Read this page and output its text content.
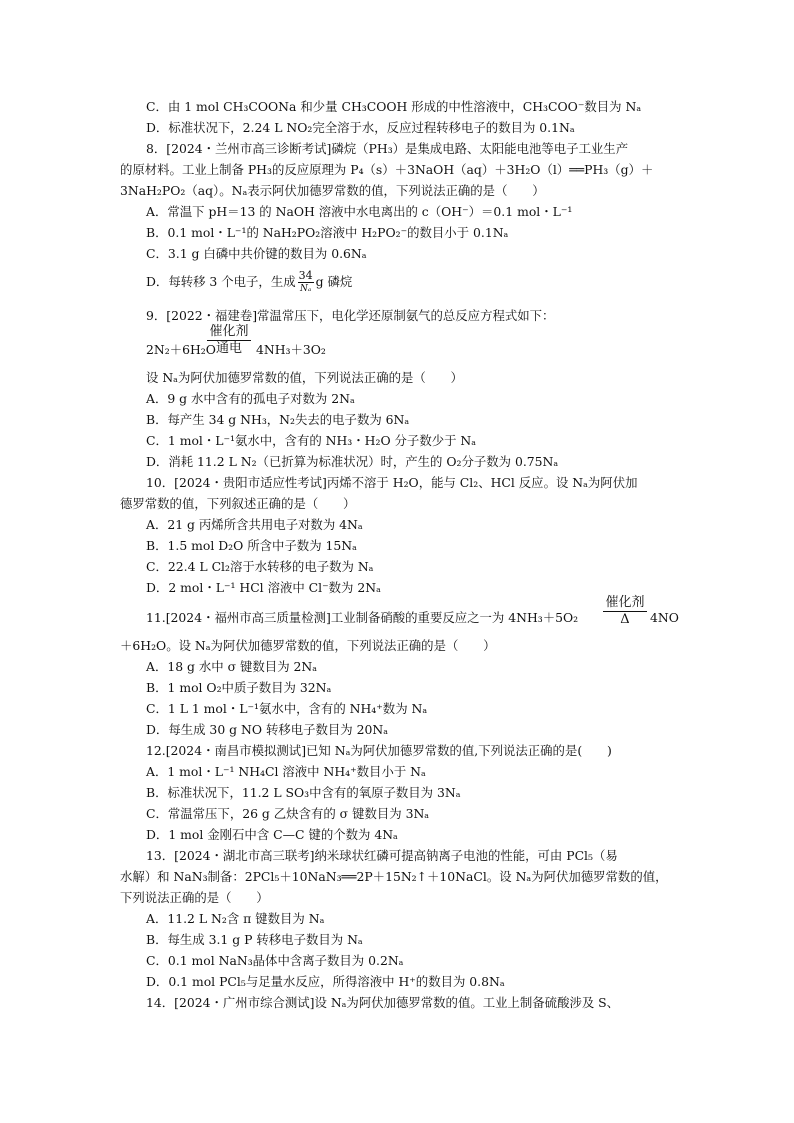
C．由 1 mol CH₃COONa 和少量 CH₃COOH 形成的中性溶液中，CH₃COO⁻数目为 Nₐ
D．标准状况下，2.24 L NO₂完全溶于水，反应过程转移电子的数目为 0.1Nₐ
8．[2024・兰州市高三诊断考试]磷烷（PH₃）是集成电路、太阳能电池等电子工业生产
的原材料。工业上制备 PH₃的反应原理为 P₄（s）＋3NaOH（aq）＋3H₂O（l）══PH₃（g）＋
3NaH₂PO₂（aq）。Nₐ表示阿伏加德罗常数的值，下列说法正确的是（　　）
A．常温下 pH＝13 的 NaOH 溶液中水电离出的 c（OH⁻）＝0.1 mol・L⁻¹
B．0.1 mol・L⁻¹的 NaH₂PO₂溶液中 H₂PO₂⁻的数目小于 0.1Nₐ
C．3.1 g 白磷中共价键的数目为 0.6Nₐ
D．每转移 3 个电子，生成 34
Nₐ g 磷烷
9．[2022・福建卷]常温常压下，电化学还原制氨气的总反应方程式如下：
2N₂＋6H₂O
催化剂
通电	4NH₃＋3O₂
设 Nₐ为阿伏加德罗常数的值，下列说法正确的是（　　）
A．9 g 水中含有的孤电子对数为 2Nₐ
B．每产生 34 g NH₃，N₂失去的电子数为 6Nₐ
C．1 mol・L⁻¹氨水中，含有的 NH₃・H₂O 分子数少于 Nₐ
D．消耗 11.2 L N₂（已折算为标准状况）时，产生的 O₂分子数为 0.75Nₐ
10．[2024・贵阳市适应性考试]丙烯不溶于 H₂O，能与 Cl₂、HCl 反应。设 Nₐ为阿伏加
德罗常数的值，下列叙述正确的是（　　）
A．21 g 丙烯所含共用电子对数为 4Nₐ
B．1.5 mol D₂O 所含中子数为 15Nₐ
C．22.4 L Cl₂溶于水转移的电子数为 Nₐ
D．2 mol・L⁻¹ HCl 溶液中 Cl⁻数为 2Nₐ
11.[2024・福州市高三质量检测]工业制备硝酸的重要反应之一为 4NH₃＋5O₂
催化剂
Δ	4NO
＋6H₂O。设 Nₐ为阿伏加德罗常数的值，下列说法正确的是（　　）
A．18 g 水中 σ 键数目为 2Nₐ
B．1 mol O₂中质子数目为 32Nₐ
C．1 L 1 mol・L⁻¹氨水中，含有的 NH₄⁺数为 Nₐ
D．每生成 30 g NO 转移电子数目为 20Nₐ
12.[2024・南昌市模拟测试]已知 Nₐ为阿伏加德罗常数的值,下列说法正确的是(　　)
A．1 mol・L⁻¹ NH₄Cl 溶液中 NH₄⁺数目小于 Nₐ
B．标准状况下，11.2 L SO₃中含有的氧原子数目为 3Nₐ
C．常温常压下，26 g 乙炔含有的 σ 键数目为 3Nₐ
D．1 mol 金刚石中含 C—C 键的个数为 4Nₐ
13．[2024・湖北市高三联考]纳米球状红磷可提高钠离子电池的性能，可由 PCl₅（易
水解）和 NaN₃制备：2PCl₅＋10NaN₃══2P＋15N₂↑＋10NaCl。设 Nₐ为阿伏加德罗常数的值，
下列说法正确的是（　　）
A．11.2 L N₂含 π 键数目为 Nₐ
B．每生成 3.1 g P 转移电子数目为 Nₐ
C．0.1 mol NaN₃晶体中含离子数目为 0.2Nₐ
D．0.1 mol PCl₅与足量水反应，所得溶液中 H⁺的数目为 0.8Nₐ
14．[2024・广州市综合测试]设 Nₐ为阿伏加德罗常数的值。工业上制备硫酸涉及 S、
